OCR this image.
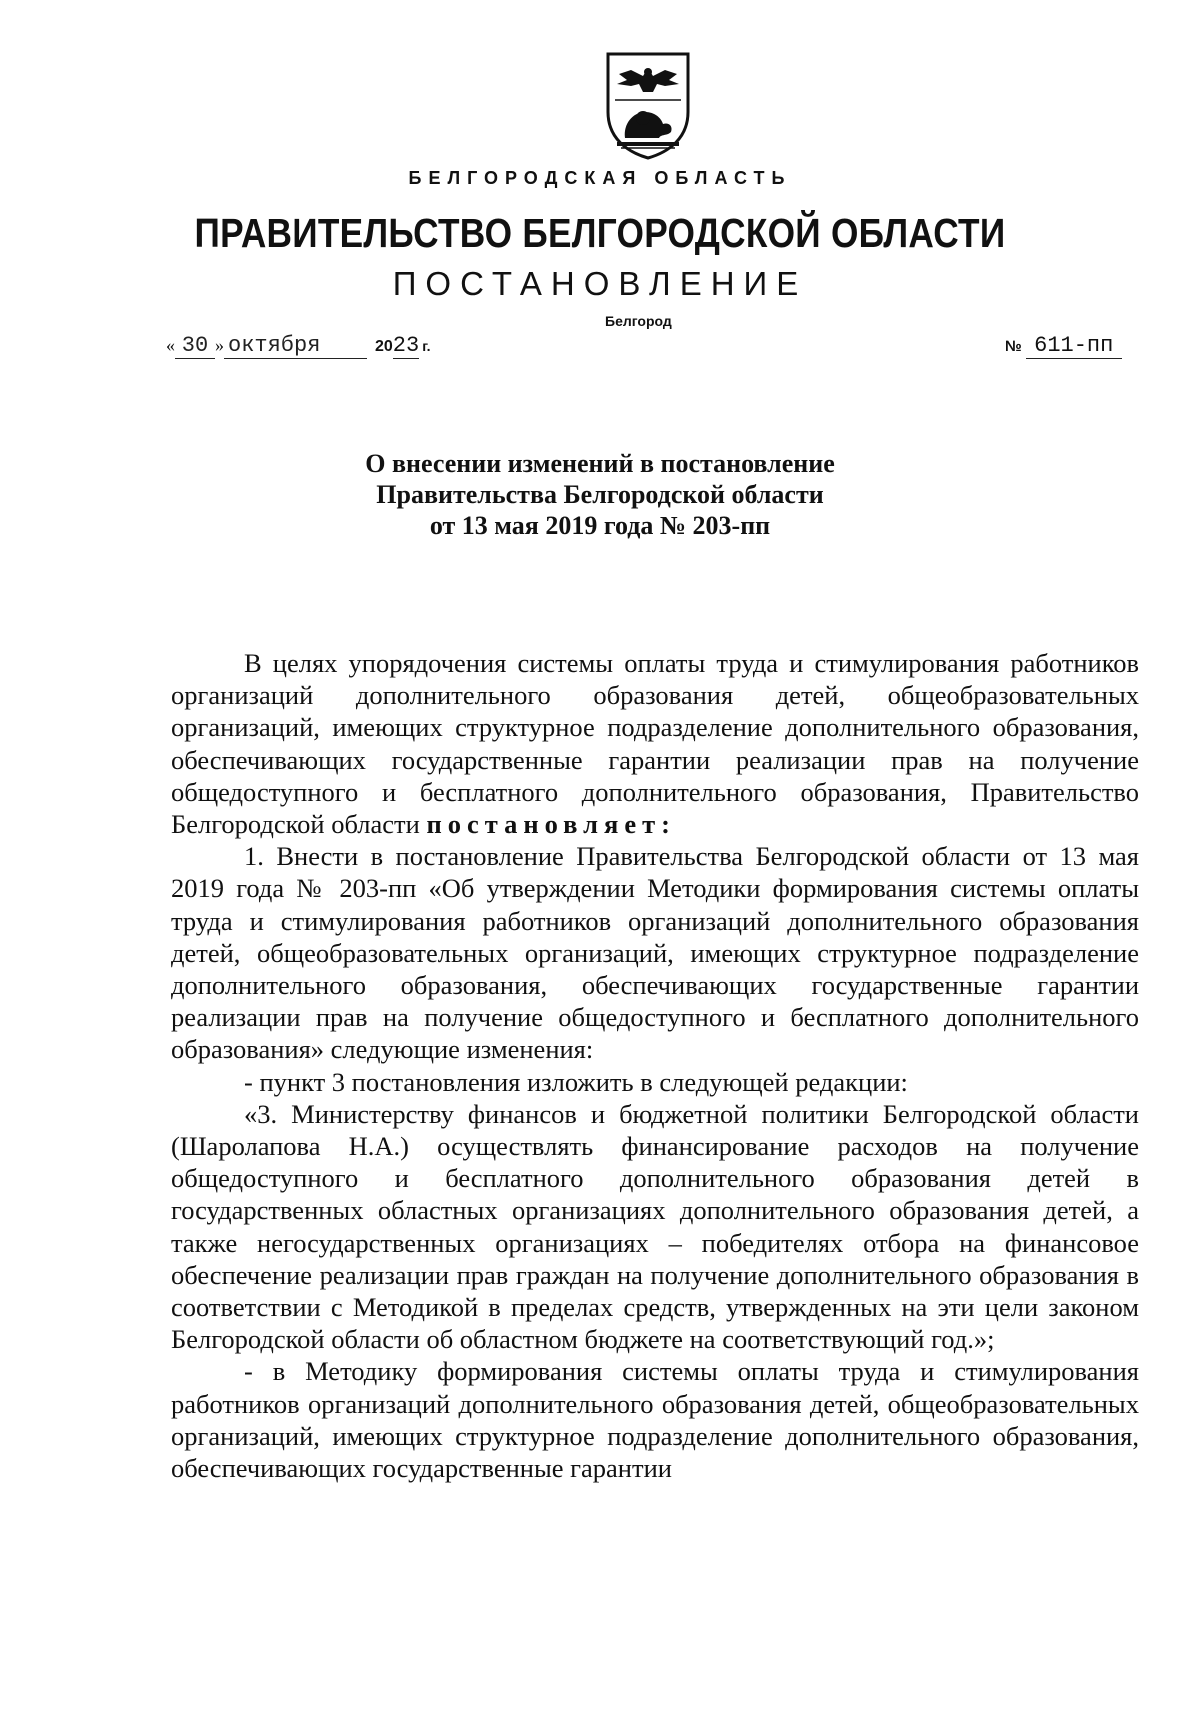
БЕЛГОРОДСКАЯ ОБЛАСТЬ
ПРАВИТЕЛЬСТВО БЕЛГОРОДСКОЙ ОБЛАСТИ
ПОСТАНОВЛЕНИЕ
Белгород
« 30 » октября	2023 г.	№ 611-пп
О внесении изменений в постановление
Правительства Белгородской области
от 13 мая 2019 года № 203-пп

В целях упорядочения системы оплаты труда и стимулирования работников организаций дополнительного образования детей, общеобразовательных организаций, имеющих структурное подразделение дополнительного образования, обеспечивающих государственные гарантии реализации прав на получение общедоступного и бесплатного дополнительного образования, Правительство Белгородской области постановляет:

1. Внести в постановление Правительства Белгородской области от 13 мая 2019 года № 203-пп «Об утверждении Методики формирования системы оплаты труда и стимулирования работников организаций дополнительного образования детей, общеобразовательных организаций, имеющих структурное подразделение дополнительного образования, обеспечивающих государственные гарантии реализации прав на получение общедоступного и бесплатного дополнительного образования» следующие изменения:

- пункт 3 постановления изложить в следующей редакции:

«3. Министерству финансов и бюджетной политики Белгородской области (Шаролапова Н.А.) осуществлять финансирование расходов на получение общедоступного и бесплатного дополнительного образования детей в государственных областных организациях дополнительного образования детей, а также негосударственных организациях – победителях отбора на финансовое обеспечение реализации прав граждан на получение дополнительного образования в соответствии с Методикой в пределах средств, утвержденных на эти цели законом Белгородской области об областном бюджете на соответствующий год.»;

- в Методику формирования системы оплаты труда и стимулирования работников организаций дополнительного образования детей, общеобразовательных организаций, имеющих структурное подразделение дополнительного образования, обеспечивающих государственные гарантии
